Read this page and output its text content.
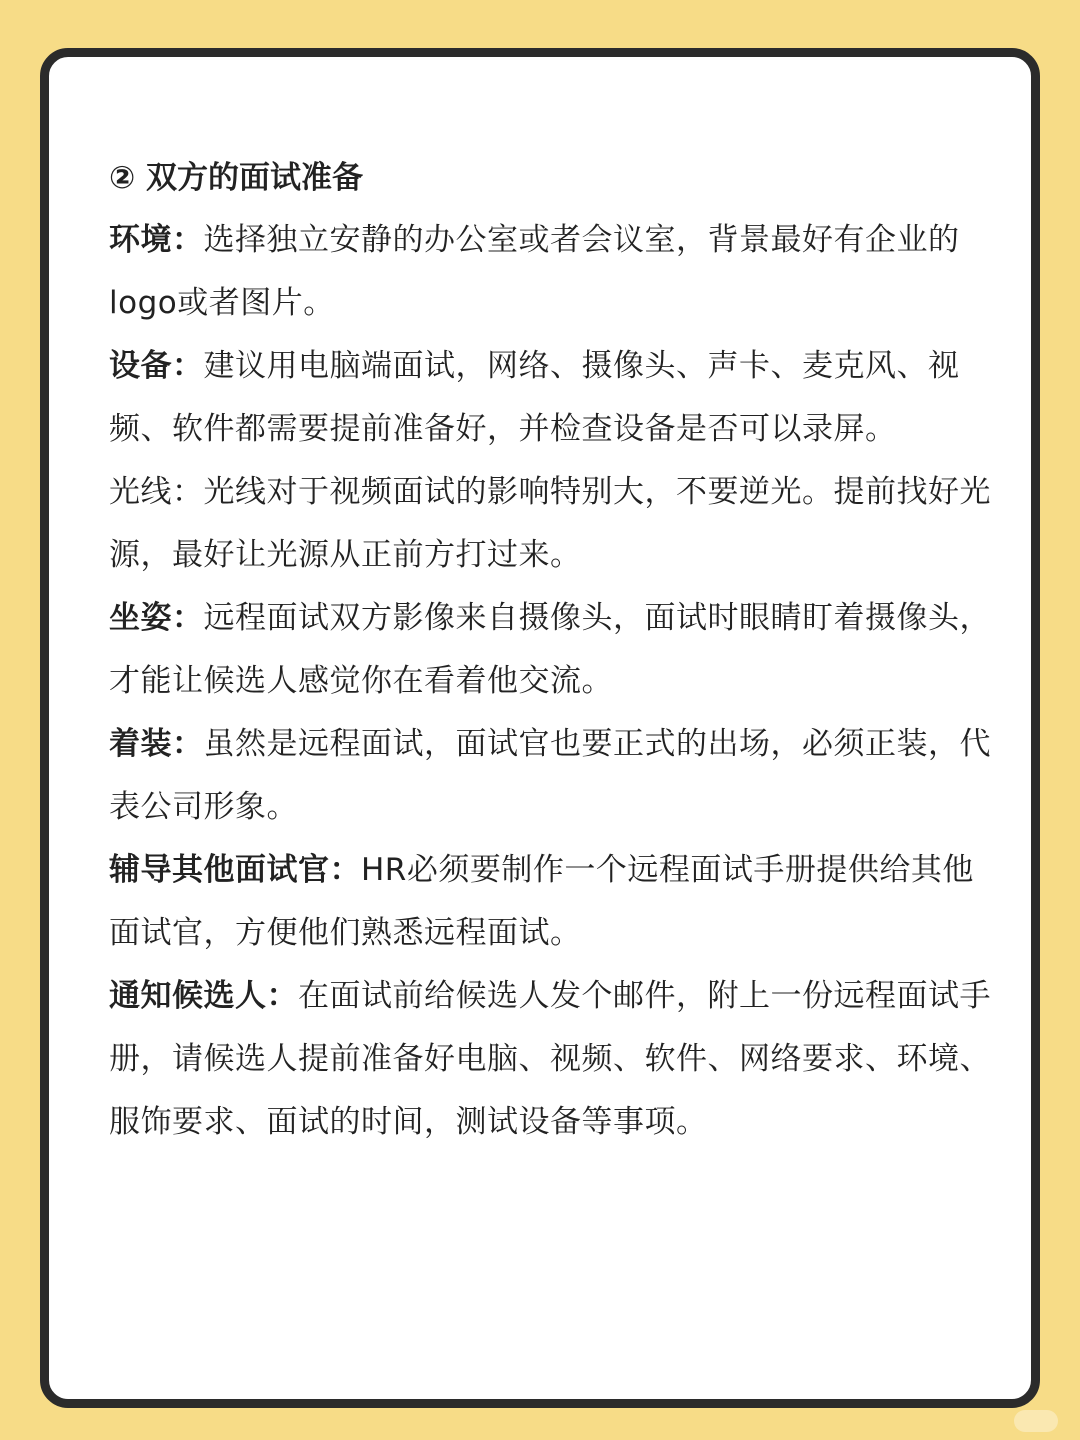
② 双方的面试准备

环境：选择独立安静的办公室或者会议室，背景最好有企业的logo或者图片。

设备：建议用电脑端面试，网络、摄像头、声卡、麦克风、视频、软件都需要提前准备好，并检查设备是否可以录屏。

光线：光线对于视频面试的影响特别大，不要逆光。提前找好光源，最好让光源从正前方打过来。

坐姿：远程面试双方影像来自摄像头，面试时眼睛盯着摄像头，才能让候选人感觉你在看着他交流。

着装：虽然是远程面试，面试官也要正式的出场，必须正装，代表公司形象。

辅导其他面试官：HR必须要制作一个远程面试手册提供给其他面试官，方便他们熟悉远程面试。

通知候选人：在面试前给候选人发个邮件，附上一份远程面试手册，请候选人提前准备好电脑、视频、软件、网络要求、环境、服饰要求、面试的时间，测试设备等事项。
